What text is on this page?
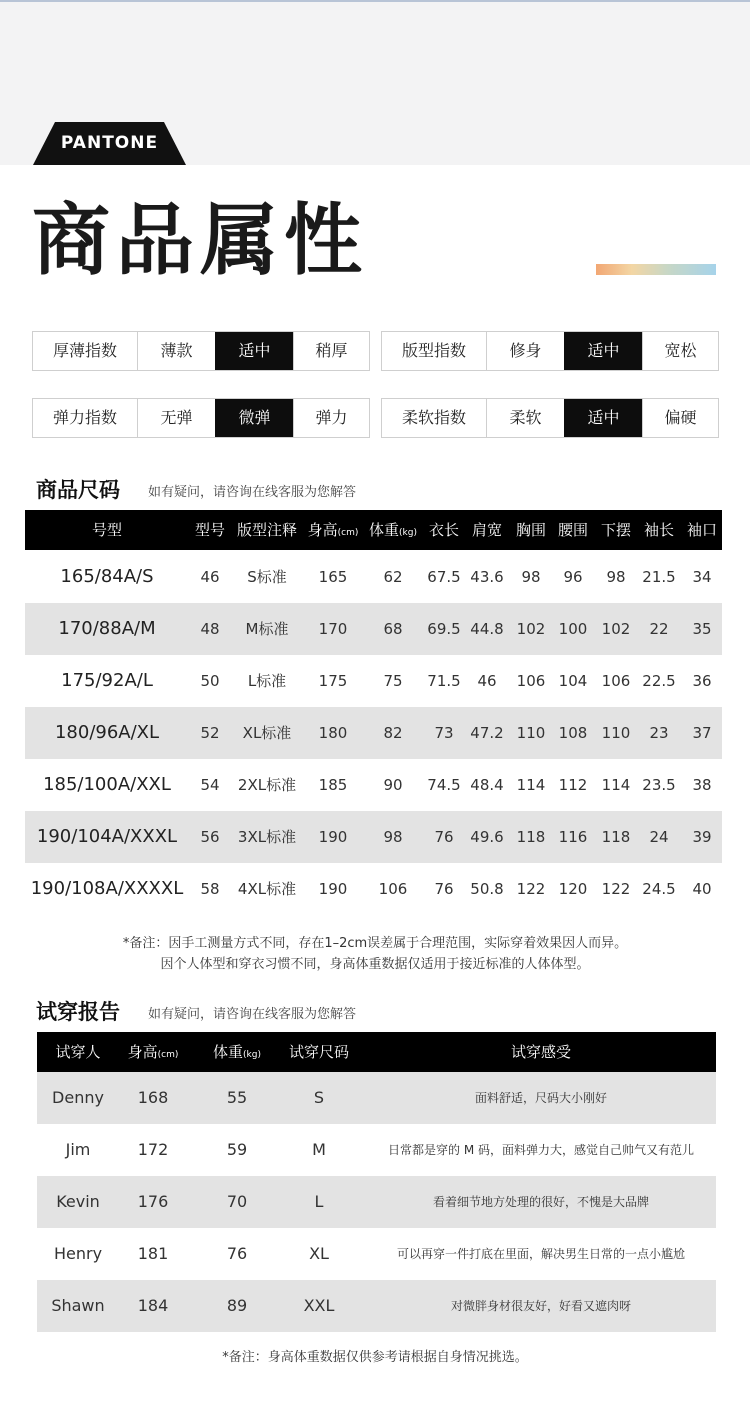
PANTONE
商品属性
厚薄指数	薄款	适中	稍厚	版型指数	修身	适中	宽松
弹力指数	无弹	微弹	弹力	柔软指数	柔软	适中	偏硬
商品尺码 如有疑问，请咨询在线客服为您解答
号型	型号 版型注释 身高(cm) 体重(kg) 衣长 肩宽 胸围 腰围 下摆 袖长 袖口
165/84A/S	46	S标准	165	62	67.5 43.6	98	96	98	21.5	34
170/88A/M	48	M标准	170	68	69.5 44.8 102 100 102	22	35
175/92A/L	50	L标准	175	75	71.5	46	106 104 106 22.5	36
180/96A/XL	52	XL标准	180	82	73	47.2 110 108 110	23	37
185/100A/XXL	54	2XL标准	185	90	74.5 48.4 114 112 114 23.5	38
190/104A/XXXL	56	3XL标准	190	98	76	49.6 118 116 118	24	39
190/108A/XXXXL	58	4XL标准	190	106	76	50.8 122 120 122 24.5	40
*备注：因手工测量方式不同，存在1–2cm误差属于合理范围，实际穿着效果因人而异。
因个人体型和穿衣习惯不同，身高体重数据仅适用于接近标准的人体体型。
试穿报告 如有疑问，请咨询在线客服为您解答
试穿人	身高(cm)	体重(kg)	试穿尺码	试穿感受
Denny	168	55	S	面料舒适，尺码大小刚好
Jim	172	59	M	日常都是穿的 M 码，面料弹力大，感觉自己帅气又有范儿
Kevin	176	70	L	看着细节地方处理的很好，不愧是大品牌
Henry	181	76	XL	可以再穿一件打底在里面，解决男生日常的一点小尴尬
Shawn	184	89	XXL	对微胖身材很友好，好看又遮肉呀
*备注：身高体重数据仅供参考请根据自身情况挑选。
